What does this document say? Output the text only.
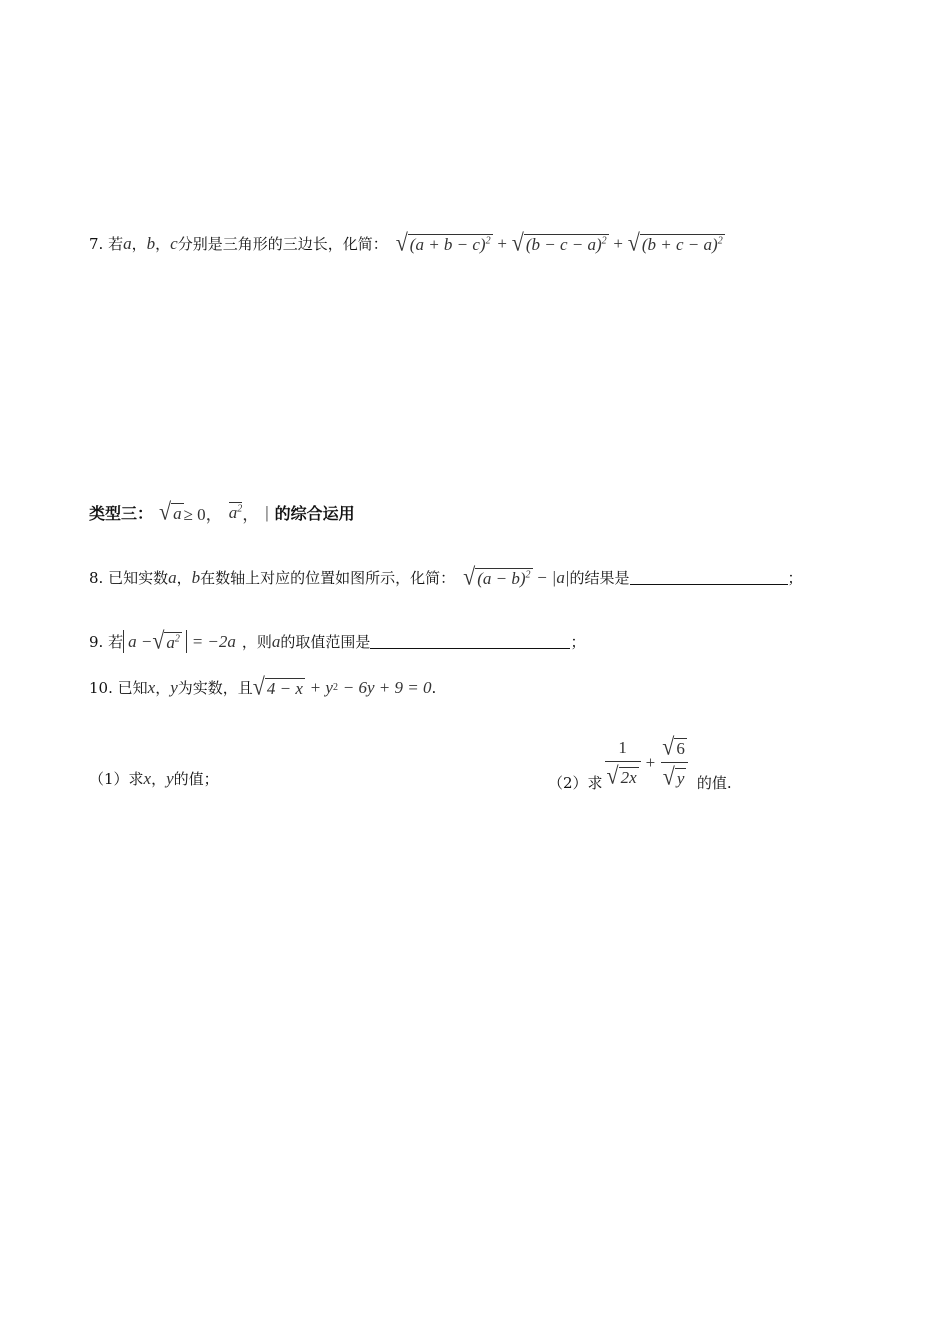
7.
若 a ， b ， c 分别是三角形的三边长，化简： √ $(a + b - c)^2$
+
√ $(b - c - a)^2$
+
√ $(b + c - a)^2$
类型三： √ a ≥ 0， $a^2$ ， | 的综合运用
8.
已知实数 a ， b 在数轴上对应的位置如图所示，化简： √ $(a - b)^2$
−
|a| 的结果是	；
9.
若 a − √ $a^2$
= −2a ，则 a 的取值范围是	；
10.
已知 x ， y 为实数，且 √ 4 − x
+ y 2
− 6y + 9 = 0 .
（1）求 x ， y 的值；	（2）求 $\frac{1}{√ 2x} + \frac{√ 6}{√ y}$ 的值.
